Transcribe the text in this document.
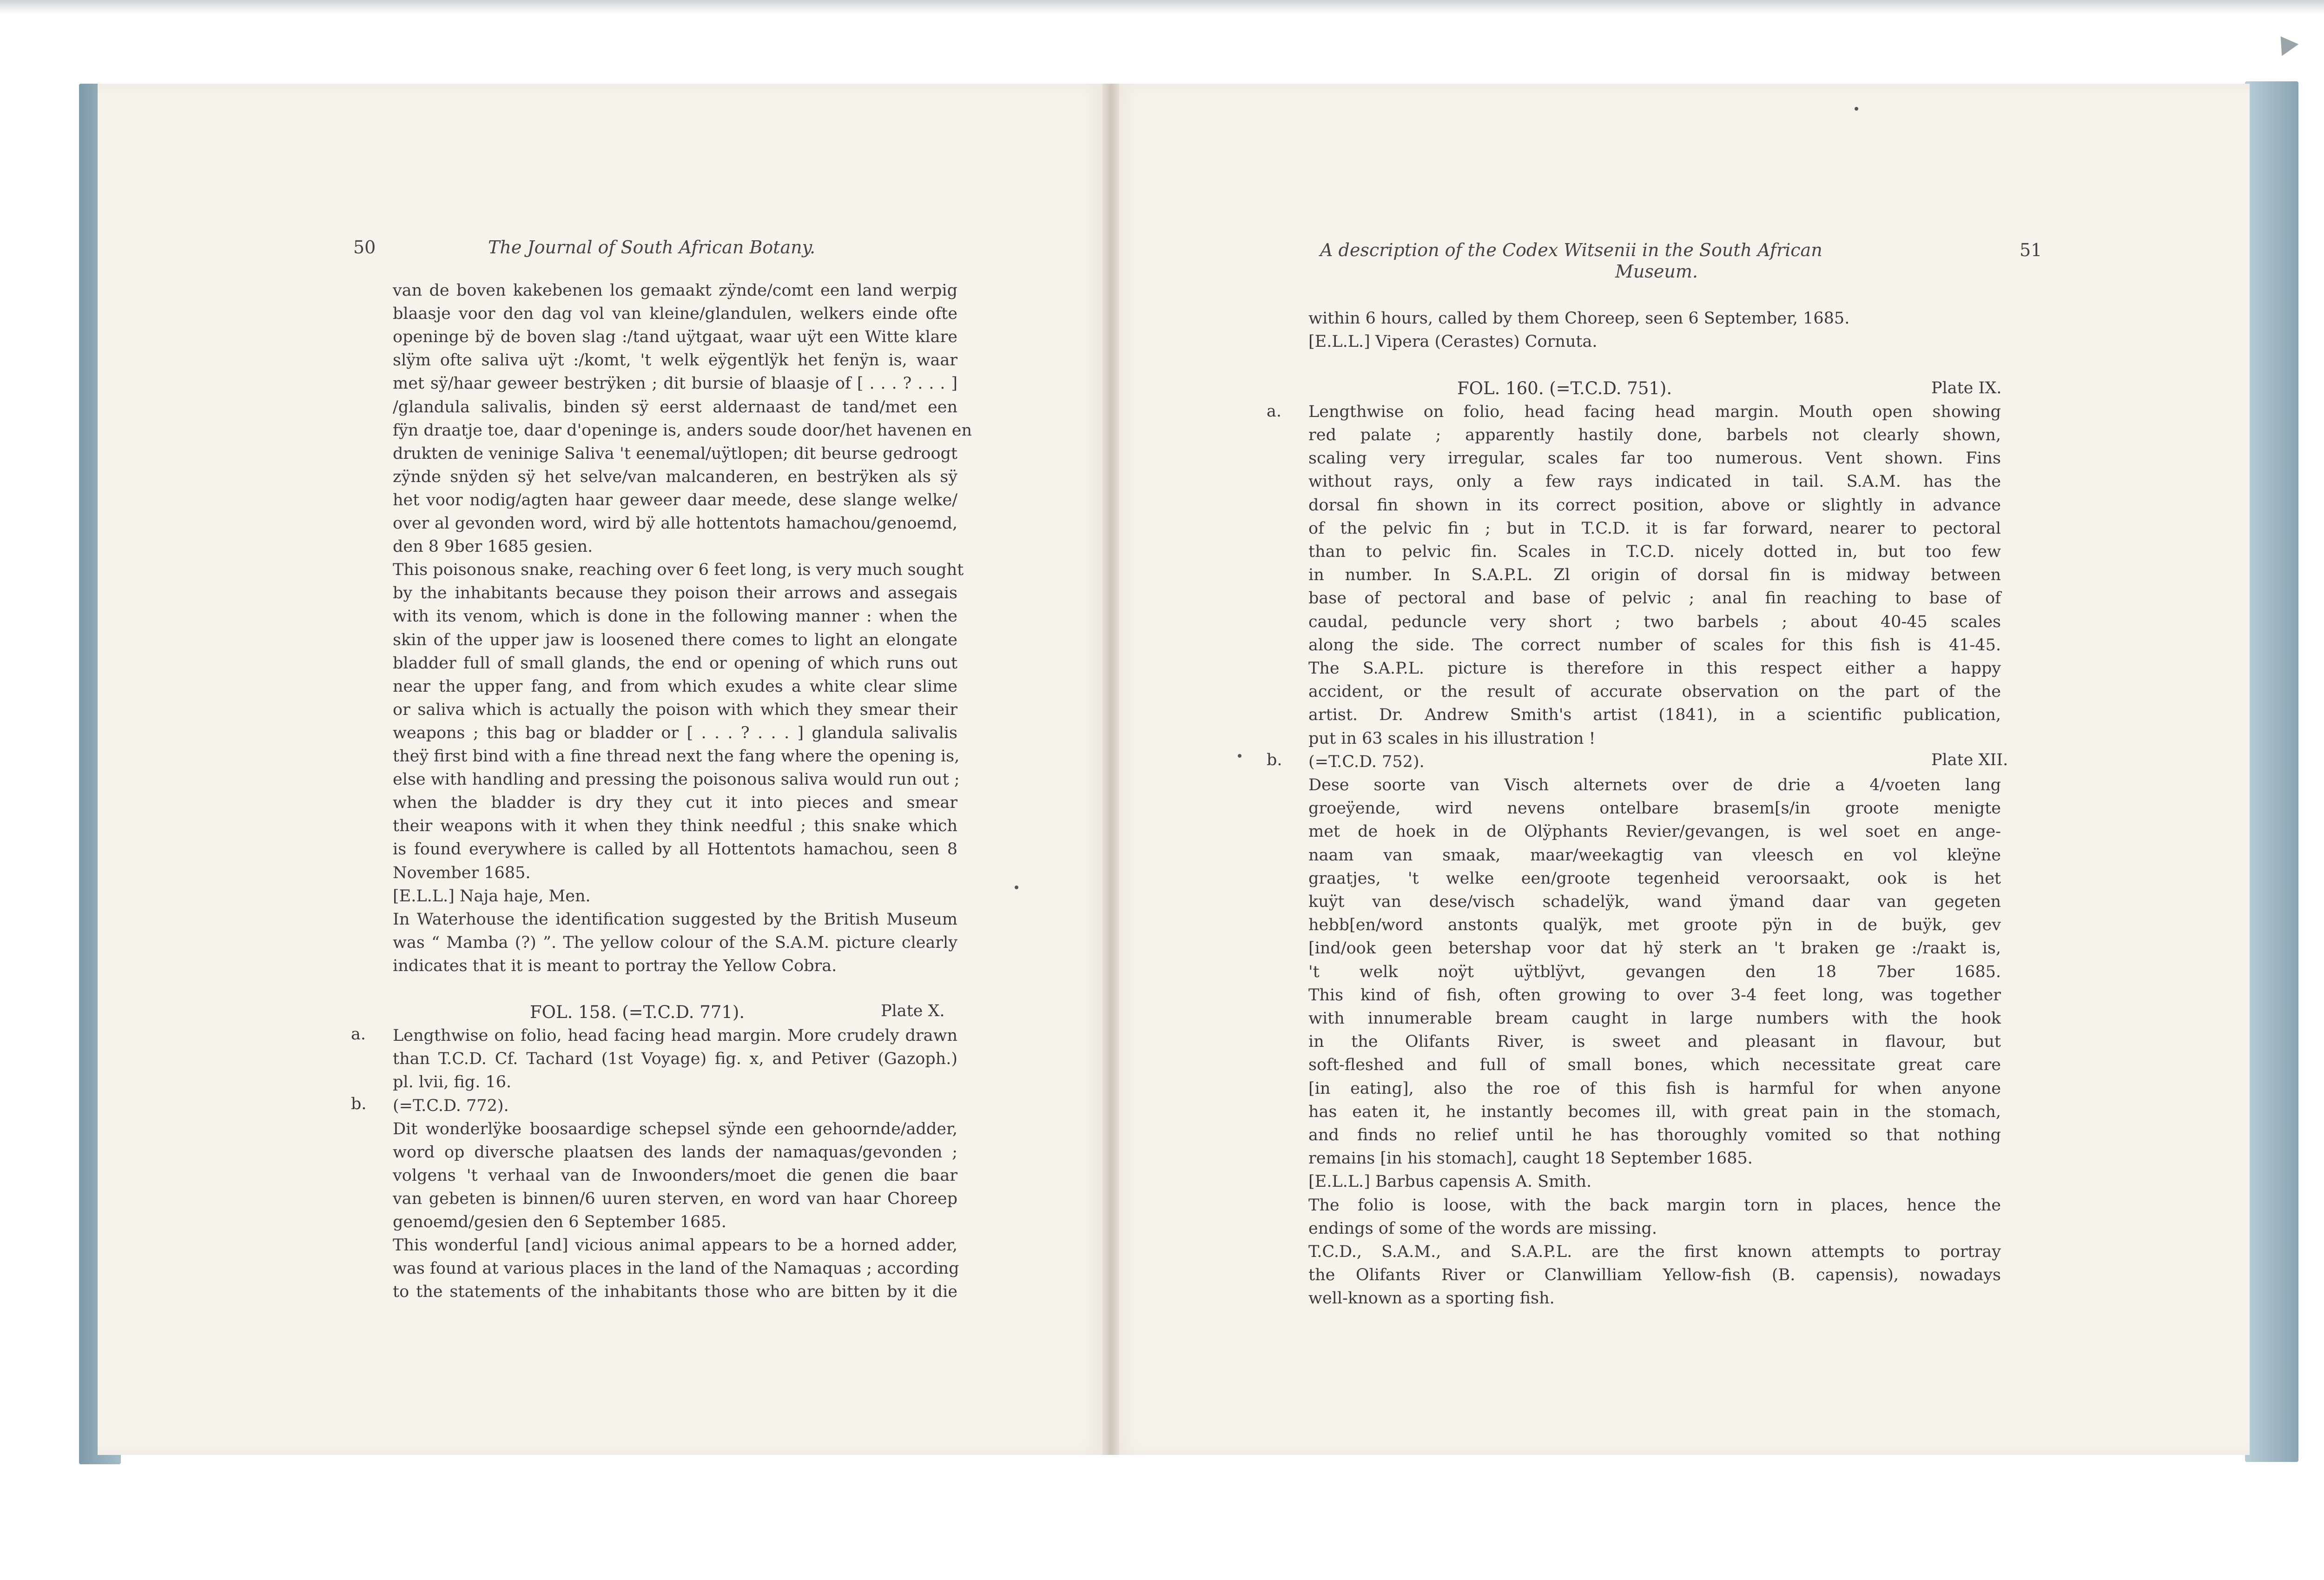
50	The Journal of South African Botany.	A description of the Codex Witsenii in the South African
Museum.
51
van de boven kakebenen los gemaakt zÿnde/comt een land werpig
blaasje voor den dag vol van kleine/glandulen, welkers einde ofte
openinge bÿ de boven slag :/tand uÿtgaat, waar uÿt een Witte klare
slÿm ofte saliva uÿt :/komt, 't welk eÿgentlÿk het fenÿn is, waar
met sÿ/haar geweer bestrÿken ; dit bursie of blaasje of [ . . . ? . . . ]
/glandula salivalis, binden sÿ eerst aldernaast de tand/met een
fÿn draatje toe, daar d'openinge is, anders soude door/het havenen en
drukten de veninige Saliva 't eenemal/uÿtlopen; dit beurse gedroogt
zÿnde snÿden sÿ het selve/van malcanderen, en bestrÿken als sÿ
het voor nodig/agten haar geweer daar meede, dese slange welke/
over al gevonden word, wird bÿ alle hottentots hamachou/genoemd,
den 8 9ber 1685 gesien.
This poisonous snake, reaching over 6 feet long, is very much sought
by the inhabitants because they poison their arrows and assegais
with its venom, which is done in the following manner : when the
skin of the upper jaw is loosened there comes to light an elongate
bladder full of small glands, the end or opening of which runs out
near the upper fang, and from which exudes a white clear slime
or saliva which is actually the poison with which they smear their
weapons ; this bag or bladder or [ . . . ? . . . ] glandula salivalis
theÿ first bind with a fine thread next the fang where the opening is,
else with handling and pressing the poisonous saliva would run out ;
when the bladder is dry they cut it into pieces and smear
their weapons with it when they think needful ; this snake which
is found everywhere is called by all Hottentots hamachou, seen 8
November 1685.
[E.L.L.] Naja haje, Men.
In Waterhouse the identification suggested by the British Museum
was “ Mamba (?) ”. The yellow colour of the S.A.M. picture clearly
indicates that it is meant to portray the Yellow Cobra.
FOL. 158. (=T.C.D. 771).
Lengthwise on folio, head facing head margin. More crudely drawn
than T.C.D. Cf. Tachard (1st Voyage) fig. x, and Petiver (Gazoph.)
pl. lvii, fig. 16.
(=T.C.D. 772).
Dit wonderlÿke boosaardige schepsel sÿnde een gehoornde/adder,
word op diversche plaatsen des lands der namaquas/gevonden ;
volgens 't verhaal van de Inwoonders/moet die genen die baar
van gebeten is binnen/6 uuren sterven, en word van haar Choreep
genoemd/gesien den 6 September 1685.
This wonderful [and] vicious animal appears to be a horned adder,
was found at various places in the land of the Namaquas ; according
to the statements of the inhabitants those who are bitten by it die
within 6 hours, called by them Choreep, seen 6 September, 1685.
[E.L.L.] Vipera (Cerastes) Cornuta.
FOL. 160. (=T.C.D. 751).
Lengthwise on folio, head facing head margin. Mouth open showing
red palate ; apparently hastily done, barbels not clearly shown,
scaling very irregular, scales far too numerous. Vent shown. Fins
without rays, only a few rays indicated in tail. S.A.M. has the
dorsal fin shown in its correct position, above or slightly in advance
of the pelvic fin ; but in T.C.D. it is far forward, nearer to pectoral
than to pelvic fin. Scales in T.C.D. nicely dotted in, but too few
in number. In S.A.P.L. Zl origin of dorsal fin is midway between
base of pectoral and base of pelvic ; anal fin reaching to base of
caudal, peduncle very short ; two barbels ; about 40-45 scales
along the side. The correct number of scales for this fish is 41-45.
The S.A.P.L. picture is therefore in this respect either a happy
accident, or the result of accurate observation on the part of the
artist. Dr. Andrew Smith's artist (1841), in a scientific publication,
put in 63 scales in his illustration !
(=T.C.D. 752).
Dese soorte van Visch alternets over de drie a 4/voeten lang
groeÿende, wird nevens ontelbare brasem[s/in groote menigte
met de hoek in de Olÿphants Revier/gevangen, is wel soet en ange-
naam van smaak, maar/weekagtig van vleesch en vol kleÿne
graatjes, 't welke een/groote tegenheid veroorsaakt, ook is het
kuÿt van dese/visch schadelÿk, wand ÿmand daar van gegeten
hebb[en/word anstonts qualÿk, met groote pÿn in de buÿk, gev
[ind/ook geen betershap voor dat hÿ sterk an 't braken ge :/raakt is,
't welk noÿt uÿtblÿvt, gevangen den 18 7ber 1685.
This kind of fish, often growing to over 3-4 feet long, was together
with innumerable bream caught in large numbers with the hook
in the Olifants River, is sweet and pleasant in flavour, but
soft-fleshed and full of small bones, which necessitate great care
[in eating], also the roe of this fish is harmful for when anyone
has eaten it, he instantly becomes ill, with great pain in the stomach,
and finds no relief until he has thoroughly vomited so that nothing
remains [in his stomach], caught 18 September 1685.
[E.L.L.] Barbus capensis A. Smith.
The folio is loose, with the back margin torn in places, hence the
endings of some of the words are missing.
T.C.D., S.A.M., and S.A.P.L. are the first known attempts to portray
the Olifants River or Clanwilliam Yellow-fish (B. capensis), nowadays
well-known as a sporting fish.
Plate X.
a.
b.
Plate IX.
a.
Plate XII.
b.
